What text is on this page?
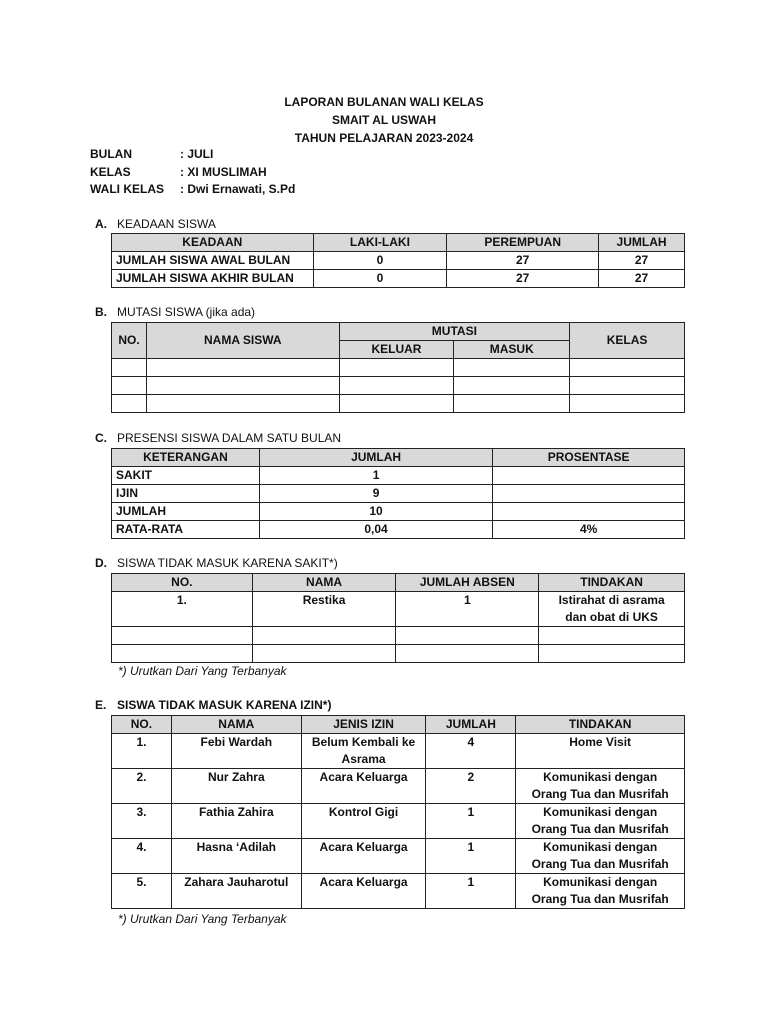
LAPORAN BULANAN WALI KELAS
SMAIT AL USWAH
TAHUN PELAJARAN 2023-2024
BULAN	: JULI
KELAS	: XI MUSLIMAH
WALI KELAS	: Dwi Ernawati, S.Pd
A. KEADAAN SISWA
KEADAAN	LAKI-LAKI	PEREMPUAN	JUMLAH
JUMLAH SISWA AWAL BULAN	0	27	27
JUMLAH SISWA AKHIR BULAN	0	27	27
B. MUTASI SISWA (jika ada)
NO.	NAMA SISWA	MUTASI		KELAS
		KELUAR	MASUK	

C. PRESENSI SISWA DALAM SATU BULAN
KETERANGAN	JUMLAH	PROSENTASE
SAKIT	1	
IJIN	9	
JUMLAH	10	
RATA-RATA	0,04	4%
D. SISWA TIDAK MASUK KARENA SAKIT*)
NO.	NAMA	JUMLAH ABSEN	TINDAKAN
1.	Restika	1	Istirahat di asrama
dan obat di UKS

*) Urutkan Dari Yang Terbanyak
E. SISWA TIDAK MASUK KARENA IZIN*)
NO.	NAMA	JENIS IZIN	JUMLAH	TINDAKAN
1.	Febi Wardah	Belum Kembali ke
Asrama	4	Home Visit

2.	Nur Zahra	Acara Keluarga	2	Komunikasi dengan
Orang Tua dan Musrifah

3.	Fathia Zahira	Kontrol Gigi	1	Komunikasi dengan
Orang Tua dan Musrifah

4.	Hasna ‘Adilah	Acara Keluarga	1	Komunikasi dengan
Orang Tua dan Musrifah

5.	Zahara Jauharotul	Acara Keluarga	1	Komunikasi dengan
Orang Tua dan Musrifah
*) Urutkan Dari Yang Terbanyak
